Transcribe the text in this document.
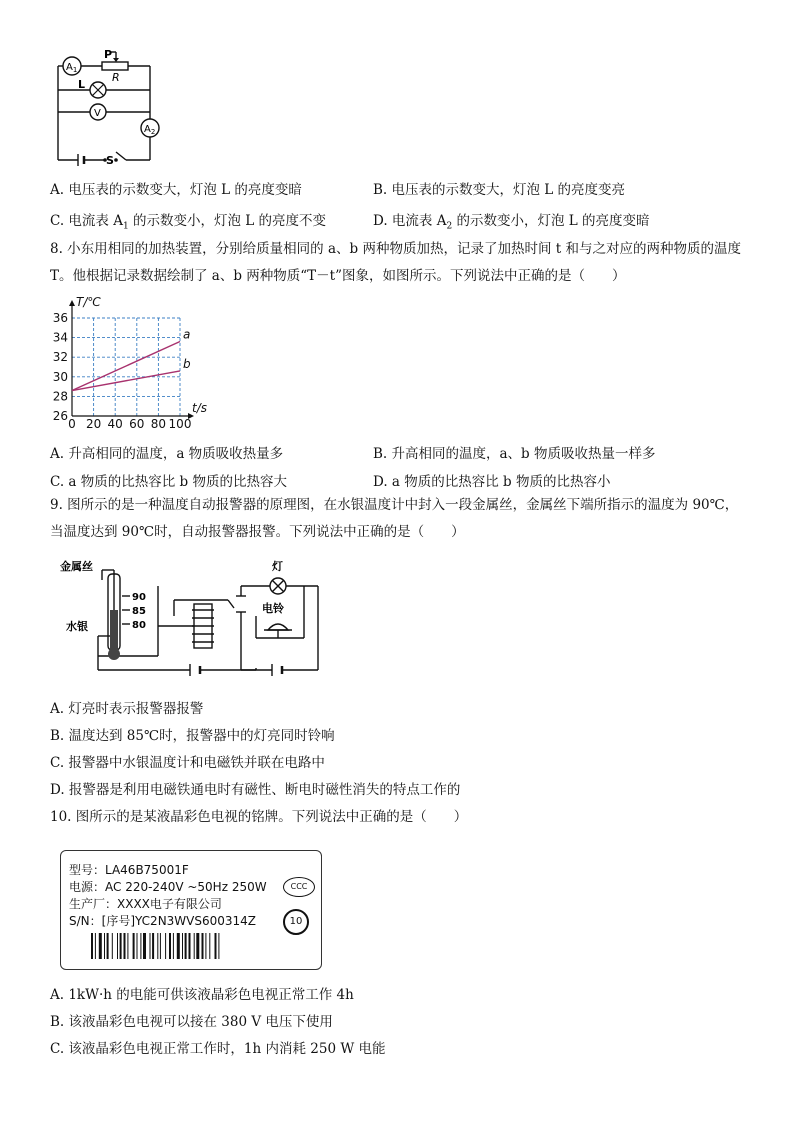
$A_1$
V
$A_2$
P
R
L
S
A. 电压表的示数变大，灯泡 L 的亮度变暗	B. 电压表的示数变大，灯泡 L 的亮度变亮
C. 电流表 $A_1$ 的示数变小，灯泡 L 的亮度不变	D. 电流表 $A_2$ 的示数变小，灯泡 L 的亮度变暗
8. 小东用相同的加热装置，分别给质量相同的 a、b 两种物质加热，记录了加热时间 t 和与之对应的两种物质的温度
T。他根据记录数据绘制了 a、b 两种物质“T－t”图象，如图所示。下列说法中正确的是（　　）
0 20 40 60 80 100
26
28
30
32
34
36
T/℃
t/s
a
b
A. 升高相同的温度，a 物质吸收热量多	B. 升高相同的温度，a、b 物质吸收热量一样多
C. a 物质的比热容比 b 物质的比热容大	D. a 物质的比热容比 b 物质的比热容小
9. 图所示的是一种温度自动报警器的原理图，在水银温度计中封入一段金属丝，金属丝下端所指示的温度为 90℃，
当温度达到 90℃时，自动报警器报警。下列说法中正确的是（　　）
金属丝
水银
90
85
80
灯
电铃
A. 灯亮时表示报警器报警
B. 温度达到 85℃时，报警器中的灯亮同时铃响
C. 报警器中水银温度计和电磁铁并联在电路中
D. 报警器是利用电磁铁通电时有磁性、断电时磁性消失的特点工作的
10. 图所示的是某液晶彩色电视的铭牌。下列说法中正确的是（　　）
型号：LA46B75001F
电源：AC 220-240V ~50Hz 250W
生产厂：XXXX电子有限公司
S/N：[序号]YC2N3WVS600314Z
CCC
10
A. 1kW·h 的电能可供该液晶彩色电视正常工作 4h
B. 该液晶彩色电视可以接在 380 V 电压下使用
C. 该液晶彩色电视正常工作时，1h 内消耗 250 W 电能
